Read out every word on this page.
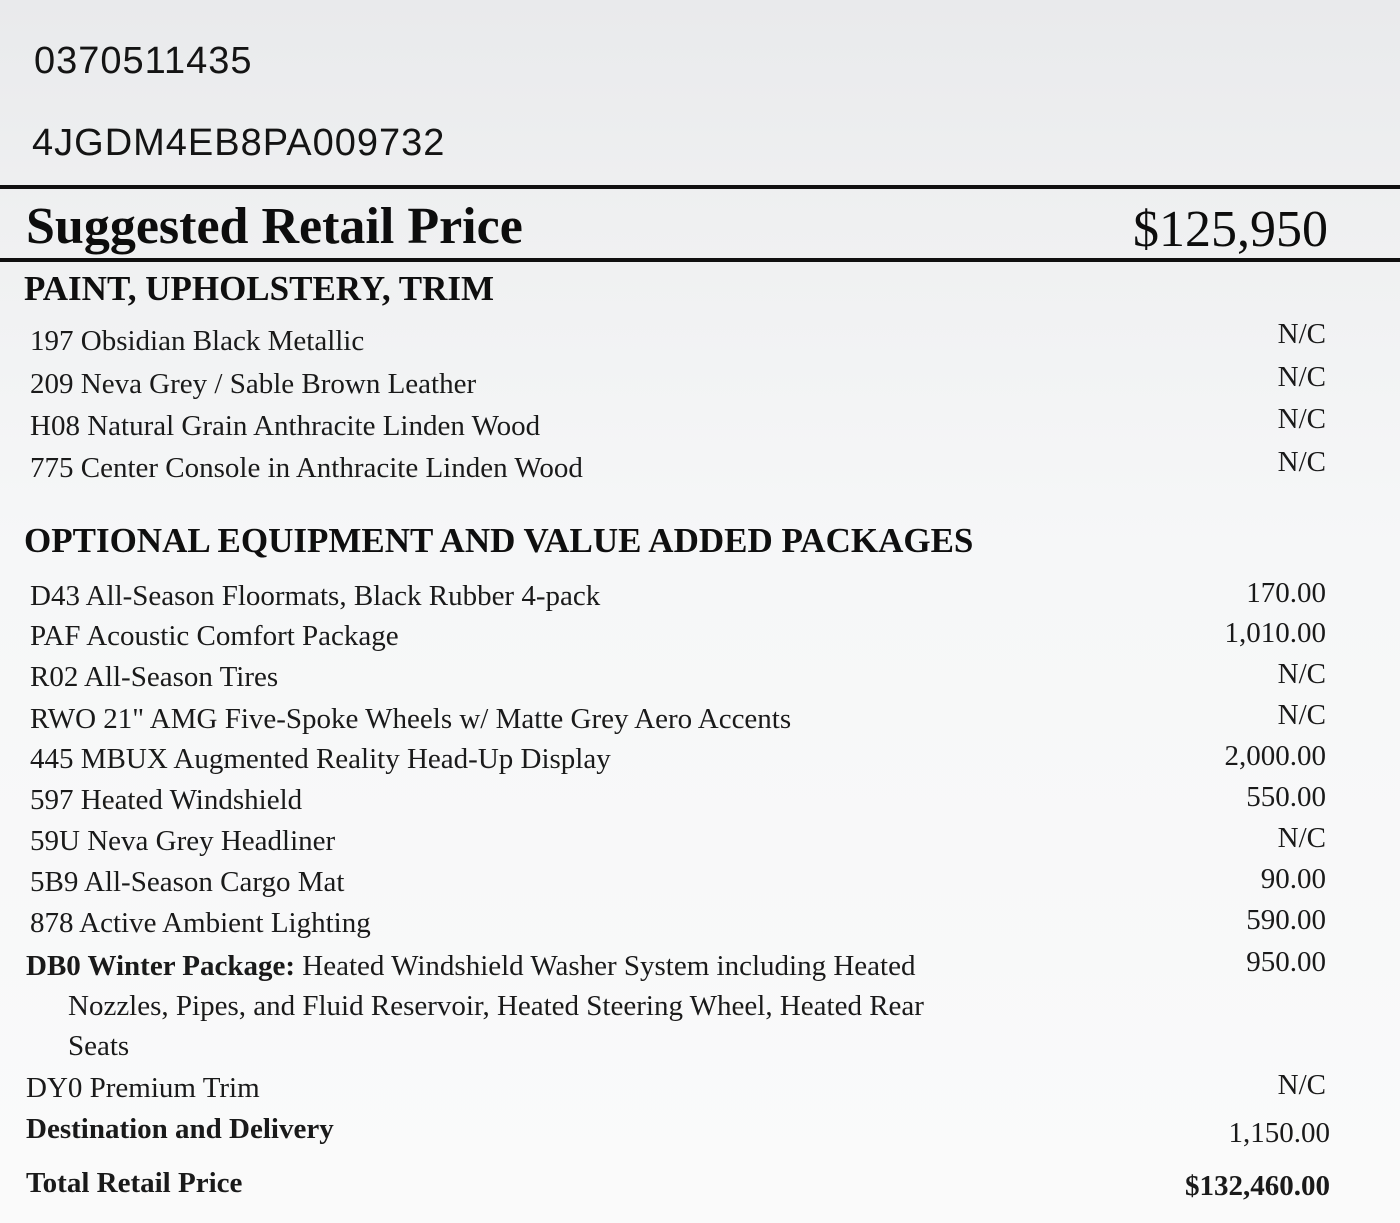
0370511435
4JGDM4EB8PA009732
Suggested Retail Price	$125,950
PAINT, UPHOLSTERY, TRIM
197 Obsidian Black Metallic	N/C
209 Neva Grey / Sable Brown Leather	N/C
H08 Natural Grain Anthracite Linden Wood	N/C
775 Center Console in Anthracite Linden Wood	N/C
OPTIONAL EQUIPMENT AND VALUE ADDED PACKAGES
D43 All-Season Floormats, Black Rubber 4-pack	170.00
PAF Acoustic Comfort Package	1,010.00
R02 All-Season Tires	N/C
RWO 21" AMG Five-Spoke Wheels w/ Matte Grey Aero Accents	N/C
445 MBUX Augmented Reality Head-Up Display	2,000.00
597 Heated Windshield	550.00
59U Neva Grey Headliner	N/C
5B9 All-Season Cargo Mat	90.00
878 Active Ambient Lighting	590.00
DB0 Winter Package: Heated Windshield Washer System including Heated	950.00
Nozzles, Pipes, and Fluid Reservoir, Heated Steering Wheel, Heated Rear
Seats
DY0 Premium Trim	N/C
Destination and Delivery	1,150.00
Total Retail Price	$132,460.00
